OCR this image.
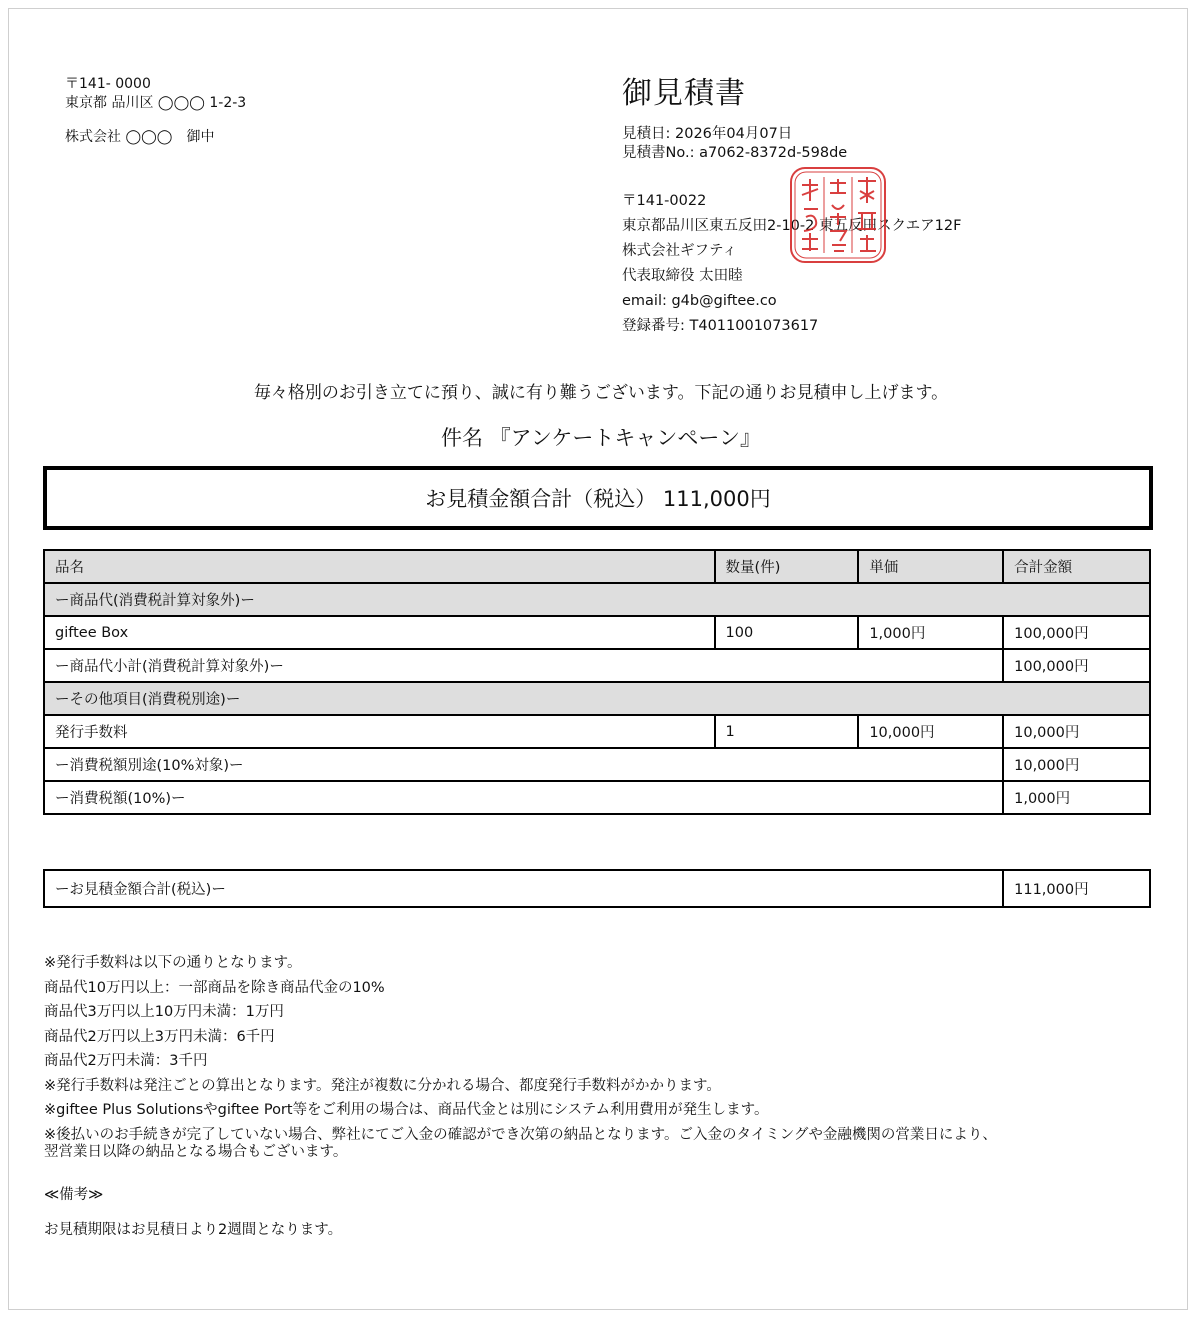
〒141- 0000
東京都 品川区 ◯◯◯ 1-2-3
株式会社 ◯◯◯　御中
御見積書
見積日: 2026年04月07日
見積書No.: a7062-8372d-598de
〒141-0022
東京都品川区東五反田2-10-2 東五反田スクエア12F
株式会社ギフティ
代表取締役 太田睦
email: g4b@giftee.co
登録番号: T4011001073617
毎々格別のお引き立てに預り、誠に有り難うございます。下記の通りお見積申し上げます。
件名 『アンケートキャンペーン』
お見積金額合計（税込） 111,000円
品名	数量(件)	単価	合計金額
ー商品代(消費税計算対象外)ー			
giftee Box	100	1,000円	100,000円
ー商品代小計(消費税計算対象外)ー			100,000円
ーその他項目(消費税別途)ー			
発行手数料	1	10,000円	10,000円
ー消費税額別途(10%対象)ー			10,000円
ー消費税額(10%)ー			1,000円
ーお見積金額合計(税込)ー	111,000円
※発行手数料は以下の通りとなります。
商品代10万円以上：一部商品を除き商品代金の10%
商品代3万円以上10万円未満：1万円
商品代2万円以上3万円未満：6千円
商品代2万円未満：3千円
※発行手数料は発注ごとの算出となります。発注が複数に分かれる場合、都度発行手数料がかかります。
※giftee Plus Solutionsやgiftee Port等をご利用の場合は、商品代金とは別にシステム利用費用が発生します。
※後払いのお手続きが完了していない場合、弊社にてご入金の確認ができ次第の納品となります。ご入金のタイミングや金融機関の営業日により、
翌営業日以降の納品となる場合もございます。
≪備考≫
お見積期限はお見積日より2週間となります。
